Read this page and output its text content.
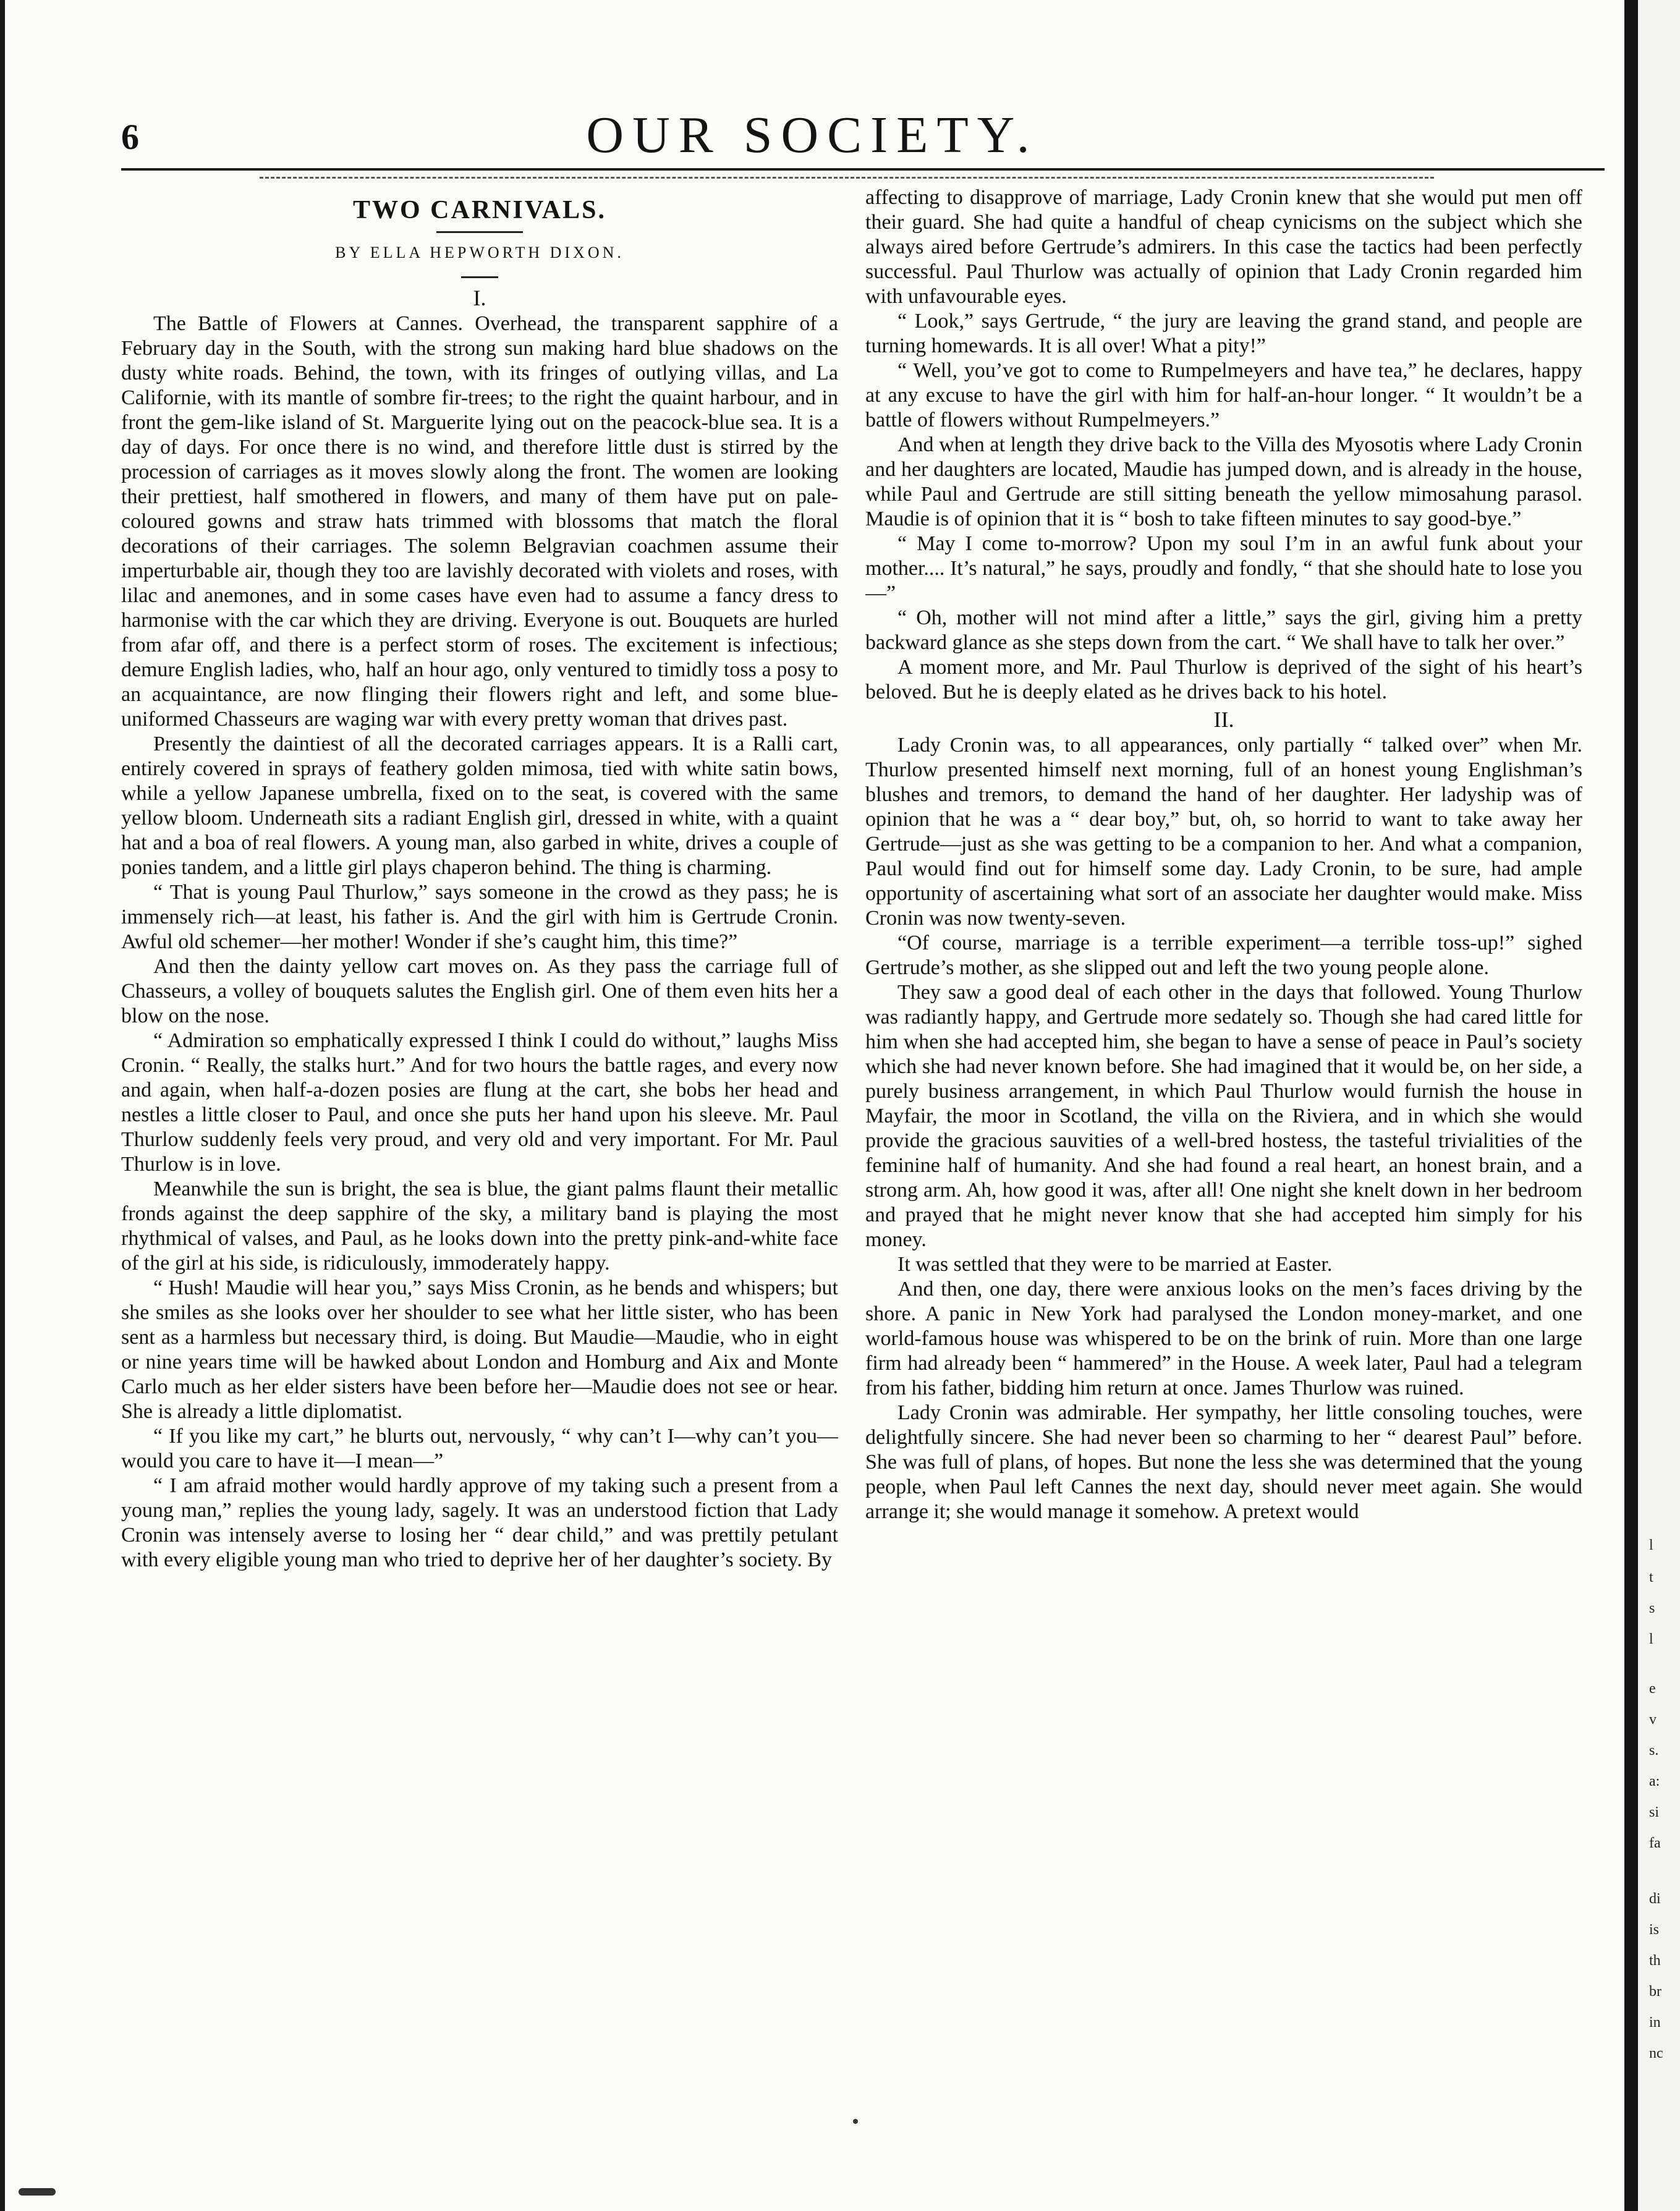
l
t
s
l
e
v
s.
a:
si
fa
di
is
th
br
in
nc
6	OUR SOCIETY.
TWO CARNIVALS.
BY ELLA HEPWORTH DIXON.
I.

The Battle of Flowers at Cannes. Overhead, the transparent sapphire of a February day in the South, with the strong sun making hard blue shadows on the dusty white roads. Behind, the town, with its fringes of outlying villas, and La Californie, with its mantle of sombre fir-trees; to the right the quaint harbour, and in front the gem-like island of St. Marguerite lying out on the peacock-blue sea. It is a day of days. For once there is no wind, and therefore little dust is stirred by the procession of carriages as it moves slowly along the front. The women are looking their prettiest, half smothered in flowers, and many of them have put on pale-coloured gowns and straw hats trimmed with blossoms that match the floral decorations of their carriages. The solemn Belgravian coachmen assume their imperturbable air, though they too are lavishly decorated with violets and roses, with lilac and anemones, and in some cases have even had to assume a fancy dress to harmonise with the car which they are driving. Everyone is out. Bouquets are hurled from afar off, and there is a perfect storm of roses. The excitement is infectious; demure English ladies, who, half an hour ago, only ventured to timidly toss a posy to an acquaintance, are now flinging their flowers right and left, and some blue-uniformed Chasseurs are waging war with every pretty woman that drives past.

Presently the daintiest of all the decorated carriages appears. It is a Ralli cart, entirely covered in sprays of feathery golden mimosa, tied with white satin bows, while a yellow Japanese umbrella, fixed on to the seat, is covered with the same yellow bloom. Underneath sits a radiant English girl, dressed in white, with a quaint hat and a boa of real flowers. A young man, also garbed in white, drives a couple of ponies tandem, and a little girl plays chaperon behind. The thing is charming.

“ That is young Paul Thurlow,” says someone in the crowd as they pass; he is immensely rich—at least, his father is. And the girl with him is Gertrude Cronin. Awful old schemer—her mother! Wonder if she’s caught him, this time?”

And then the dainty yellow cart moves on. As they pass the carriage full of Chasseurs, a volley of bouquets salutes the English girl. One of them even hits her a blow on the nose.

“ Admiration so emphatically expressed I think I could do without,” laughs Miss Cronin. “ Really, the stalks hurt.” And for two hours the battle rages, and every now and again, when half-a-dozen posies are flung at the cart, she bobs her head and nestles a little closer to Paul, and once she puts her hand upon his sleeve. Mr. Paul Thurlow suddenly feels very proud, and very old and very important. For Mr. Paul Thurlow is in love.

Meanwhile the sun is bright, the sea is blue, the giant palms flaunt their metallic fronds against the deep sapphire of the sky, a military band is playing the most rhythmical of valses, and Paul, as he looks down into the pretty pink-and-white face of the girl at his side, is ridiculously, immoderately happy.

“ Hush! Maudie will hear you,” says Miss Cronin, as he bends and whispers; but she smiles as she looks over her shoulder to see what her little sister, who has been sent as a harmless but necessary third, is doing. But Maudie—Maudie, who in eight or nine years time will be hawked about London and Homburg and Aix and Monte Carlo much as her elder sisters have been before her—Maudie does not see or hear. She is already a little diplomatist.

“ If you like my cart,” he blurts out, nervously, “ why can’t I—why can’t you—would you care to have it—I mean—”

“ I am afraid mother would hardly approve of my taking such a present from a young man,” replies the young lady, sagely. It was an understood fiction that Lady Cronin was intensely averse to losing her “ dear child,” and was prettily petulant with every eligible young man who tried to deprive her of her daughter’s society. By

affecting to disapprove of marriage, Lady Cronin knew that she would put men off their guard. She had quite a handful of cheap cynicisms on the subject which she always aired before Gertrude’s admirers. In this case the tactics had been perfectly successful. Paul Thurlow was actually of opinion that Lady Cronin regarded him with unfavourable eyes.

“ Look,” says Gertrude, “ the jury are leaving the grand stand, and people are turning homewards. It is all over! What a pity!”

“ Well, you’ve got to come to Rumpelmeyers and have tea,” he declares, happy at any excuse to have the girl with him for half-an-hour longer. “ It wouldn’t be a battle of flowers without Rumpelmeyers.”

And when at length they drive back to the Villa des Myosotis where Lady Cronin and her daughters are located, Maudie has jumped down, and is already in the house, while Paul and Gertrude are still sitting beneath the yellow mimosahung parasol. Maudie is of opinion that it is “ bosh to take fifteen minutes to say good-bye.”

“ May I come to-morrow? Upon my soul I’m in an awful funk about your mother.... It’s natural,” he says, proudly and fondly, “ that she should hate to lose you—”

“ Oh, mother will not mind after a little,” says the girl, giving him a pretty backward glance as she steps down from the cart. “ We shall have to talk her over.”

A moment more, and Mr. Paul Thurlow is deprived of the sight of his heart’s beloved. But he is deeply elated as he drives back to his hotel.

II.

Lady Cronin was, to all appearances, only partially “ talked over” when Mr. Thurlow presented himself next morning, full of an honest young Englishman’s blushes and tremors, to demand the hand of her daughter. Her ladyship was of opinion that he was a “ dear boy,” but, oh, so horrid to want to take away her Gertrude—just as she was getting to be a companion to her. And what a companion, Paul would find out for himself some day. Lady Cronin, to be sure, had ample opportunity of ascertaining what sort of an associate her daughter would make. Miss Cronin was now twenty-seven.

“Of course, marriage is a terrible experiment—a terrible toss-up!” sighed Gertrude’s mother, as she slipped out and left the two young people alone.

They saw a good deal of each other in the days that followed. Young Thurlow was radiantly happy, and Gertrude more sedately so. Though she had cared little for him when she had accepted him, she began to have a sense of peace in Paul’s society which she had never known before. She had imagined that it would be, on her side, a purely business arrangement, in which Paul Thurlow would furnish the house in Mayfair, the moor in Scotland, the villa on the Riviera, and in which she would provide the gracious sauvities of a well-bred hostess, the tasteful trivialities of the feminine half of humanity. And she had found a real heart, an honest brain, and a strong arm. Ah, how good it was, after all! One night she knelt down in her bedroom and prayed that he might never know that she had accepted him simply for his money.

It was settled that they were to be married at Easter.

And then, one day, there were anxious looks on the men’s faces driving by the shore. A panic in New York had paralysed the London money-market, and one world-famous house was whispered to be on the brink of ruin. More than one large firm had already been “ hammered” in the House. A week later, Paul had a telegram from his father, bidding him return at once. James Thurlow was ruined.

Lady Cronin was admirable. Her sympathy, her little consoling touches, were delightfully sincere. She had never been so charming to her “ dearest Paul” before. She was full of plans, of hopes. But none the less she was determined that the young people, when Paul left Cannes the next day, should never meet again. She would arrange it; she would manage it somehow. A pretext would
